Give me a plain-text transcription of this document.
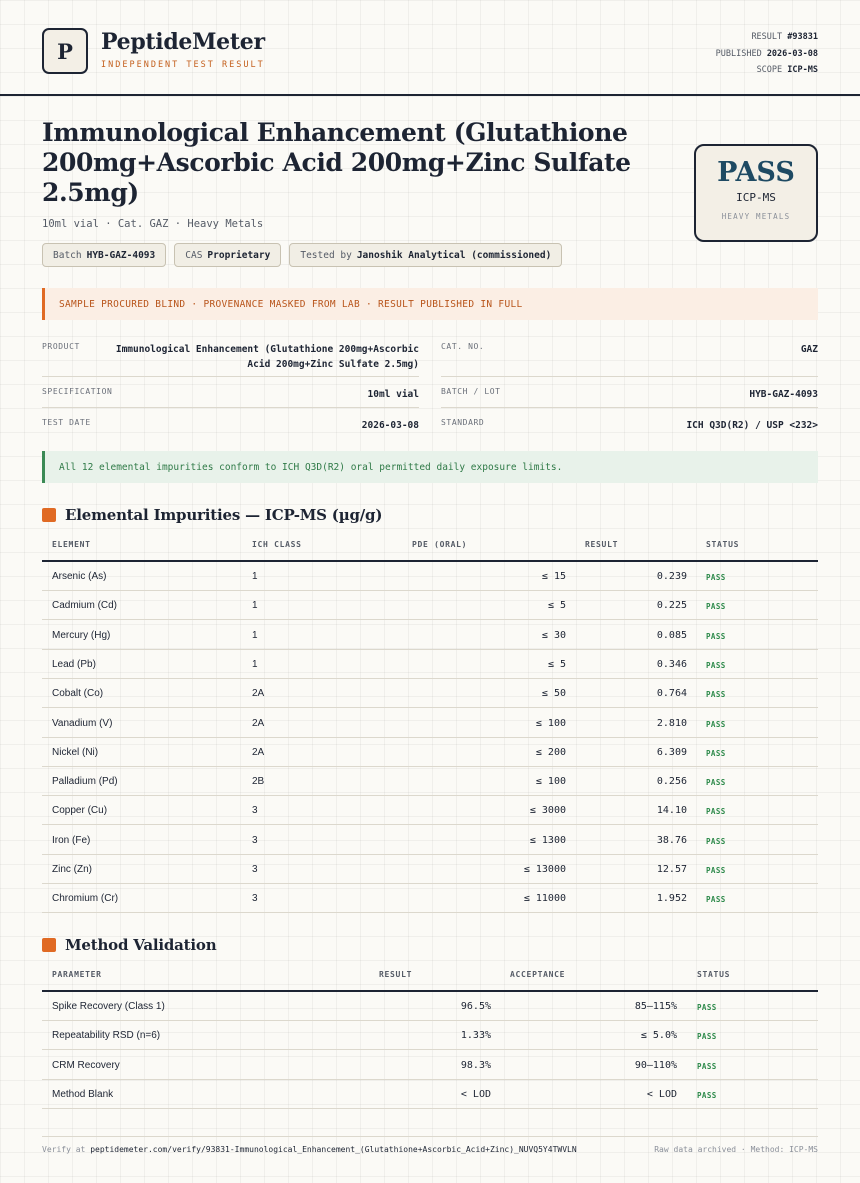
P	PeptideMeter
INDEPENDENT TEST RESULT
RESULT #93831
PUBLISHED 2026-03-08
SCOPE ICP-MS
Immunological Enhancement (Glutathione 200mg+Ascorbic Acid 200mg+Zinc Sulfate 2.5mg)
10ml vial · Cat. GAZ · Heavy Metals
Batch HYB-GAZ-4093	CAS Proprietary	Tested by Janoshik Analytical (commissioned)
PASS
ICP-MS
HEAVY METALS
SAMPLE PROCURED BLIND · PROVENANCE MASKED FROM LAB · RESULT PUBLISHED IN FULL
PRODUCT	Immunological Enhancement (Glutathione 200mg+Ascorbic Acid 200mg+Zinc Sulfate 2.5mg)
CAT. NO.	GAZ
SPECIFICATION	10ml vial	BATCH / LOT	HYB-GAZ-4093
TEST DATE	2026-03-08	STANDARD	ICH Q3D(R2) / USP <232>
All 12 elemental impurities conform to ICH Q3D(R2) oral permitted daily exposure limits.
Elemental Impurities — ICP-MS (µg/g)
ELEMENT	ICH CLASS	PDE (ORAL)	RESULT	STATUS
Arsenic (As)	1	≤ 15	0.239	PASS
Cadmium (Cd)	1	≤ 5	0.225	PASS
Mercury (Hg)	1	≤ 30	0.085	PASS
Lead (Pb)	1	≤ 5	0.346	PASS
Cobalt (Co)	2A	≤ 50	0.764	PASS
Vanadium (V)	2A	≤ 100	2.810	PASS
Nickel (Ni)	2A	≤ 200	6.309	PASS
Palladium (Pd)	2B	≤ 100	0.256	PASS
Copper (Cu)	3	≤ 3000	14.10	PASS
Iron (Fe)	3	≤ 1300	38.76	PASS
Zinc (Zn)	3	≤ 13000	12.57	PASS
Chromium (Cr)	3	≤ 11000	1.952	PASS
Method Validation
PARAMETER	RESULT	ACCEPTANCE	STATUS
Spike Recovery (Class 1)	96.5%	85–115%	PASS
Repeatability RSD (n=6)	1.33%	≤ 5.0%	PASS
CRM Recovery	98.3%	90–110%	PASS
Method Blank	< LOD	< LOD	PASS
Verify at peptidemeter.com/verify/93831-Immunological_Enhancement_(Glutathione+Ascorbic_Acid+Zinc)_NUVQ5Y4TWVLN	Raw data archived · Method: ICP-MS
